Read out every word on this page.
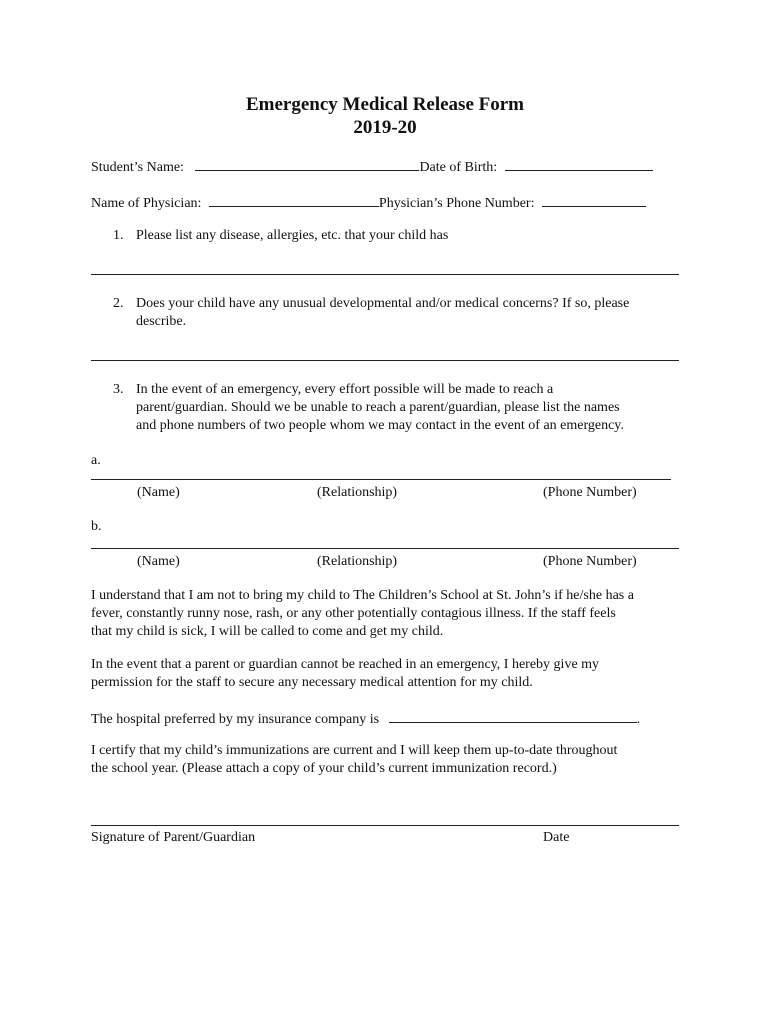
Emergency Medical Release Form
2019-20
Student’s Name:	Date of Birth:
Name of Physician:	Physician’s Phone Number:
1. Please list any disease, allergies, etc. that your child has
2. Does your child have any unusual developmental and/or medical concerns? If so, please
describe.
3. In the event of an emergency, every effort possible will be made to reach a
parent/guardian. Should we be unable to reach a parent/guardian, please list the names
and phone numbers of two people whom we may contact in the event of an emergency.
a.
(Name)	(Relationship)	(Phone Number)
b.
(Name)	(Relationship)	(Phone Number)
I understand that I am not to bring my child to The Children’s School at St. John’s if he/she has a
fever, constantly runny nose, rash, or any other potentially contagious illness. If the staff feels
that my child is sick, I will be called to come and get my child.
In the event that a parent or guardian cannot be reached in an emergency, I hereby give my
permission for the staff to secure any necessary medical attention for my child.
The hospital preferred by my insurance company is	.
I certify that my child’s immunizations are current and I will keep them up-to-date throughout
the school year. (Please attach a copy of your child’s current immunization record.)
Signature of Parent/Guardian	Date
